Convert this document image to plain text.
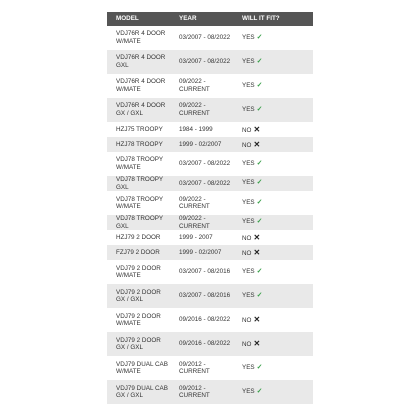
MODEL	YEAR	WILL IT FIT?
VDJ76R 4 DOOR W/MATE	03/2007 - 08/2022	YES ✓
VDJ76R 4 DOOR GXL	03/2007 - 08/2022	YES ✓
VDJ76R 4 DOOR W/MATE	09/2022 - CURRENT	YES ✓
VDJ76R 4 DOOR GX / GXL	09/2022 - CURRENT	YES ✓
HZJ75 TROOPY	1984 - 1999	NO ✕
HZJ78 TROOPY	1999 - 02/2007	NO ✕
VDJ78 TROOPY W/MATE	03/2007 - 08/2022	YES ✓
VDJ78 TROOPY GXL	03/2007 - 08/2022	YES ✓
VDJ78 TROOPY W/MATE	09/2022 - CURRENT	YES ✓
VDJ78 TROOPY GXL	09/2022 - CURRENT	YES ✓
HZJ79 2 DOOR	1999 - 2007	NO ✕
FZJ79 2 DOOR	1999 - 02/2007	NO ✕
VDJ79 2 DOOR W/MATE	03/2007 - 08/2016	YES ✓
VDJ79 2 DOOR GX / GXL	03/2007 - 08/2016	YES ✓
VDJ79 2 DOOR W/MATE	09/2016 - 08/2022	NO ✕
VDJ79 2 DOOR GX / GXL	09/2016 - 08/2022	NO ✕
VDJ79 DUAL CAB W/MATE	09/2012 - CURRENT	YES ✓
VDJ79 DUAL CAB GX / GXL	09/2012 - CURRENT	YES ✓
